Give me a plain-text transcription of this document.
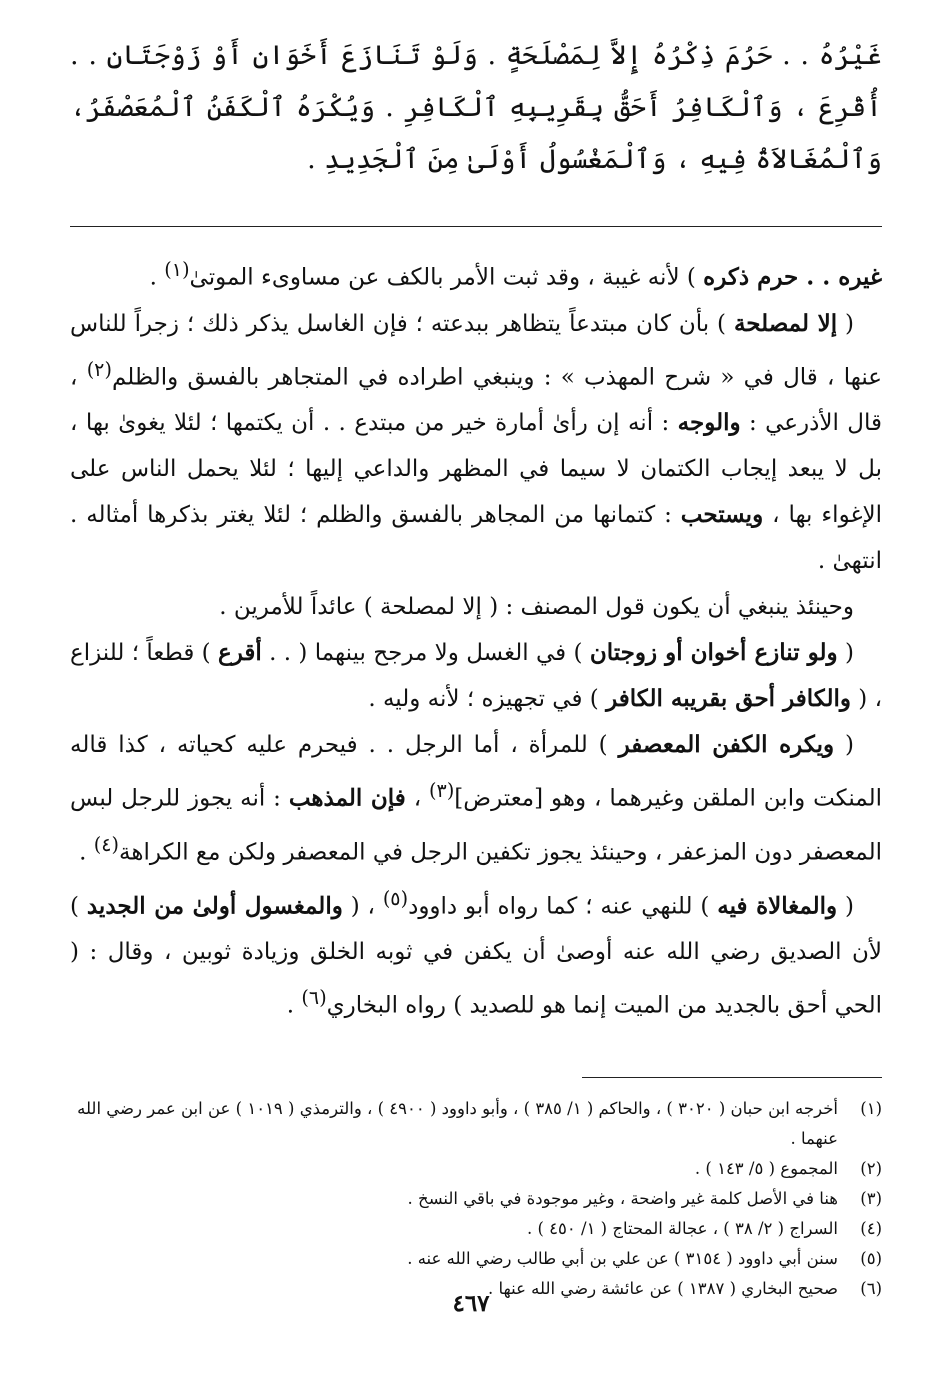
غَيْرُهُ . . حَرُمَ ذِكْرُهُ إِلاَّ لِمَصْلَحَةٍ . وَلَوْ تَنَازَعَ أَخَوَانِ أَوْ زَوْجَتَانِ . . أُقْرِعَ ، وَٱلْكَافِرُ أَحَقُّ بِقَرِيبِهِ ٱلْكَافِرِ . وَيُكْرَهُ ٱلْكَفَنُ ٱلْمُعَصْفَرُ، وَٱلْمُغَالاَةُ فِيهِ ، وَٱلْمَغْسُولُ أَوْلَىٰ مِنَ ٱلْجَدِيدِ .

غيره . . حرم ذكره ) لأنه غيبة ، وقد ثبت الأمر بالكف عن مساوىء الموتىٰ$^{(١)}$ .

( إلا لمصلحة ) بأن كان مبتدعاً يتظاهر ببدعته ؛ فإن الغاسل يذكر ذلك ؛ زجراً للناس عنها ، قال في « شرح المهذب » : وينبغي اطراده في المتجاهر بالفسق والظلم$^{(٢)}$ ، قال الأذرعي : والوجه : أنه إن رأىٰ أمارة خير من مبتدع . . أن يكتمها ؛ لئلا يغوىٰ بها ، بل لا يبعد إيجاب الكتمان لا سيما في المظهر والداعي إليها ؛ لئلا يحمل الناس على الإغواء بها ، ويستحب : كتمانها من المجاهر بالفسق والظلم ؛ لئلا يغتر بذكرها أمثاله . انتهىٰ .

وحينئذ ينبغي أن يكون قول المصنف : ( إلا لمصلحة ) عائداً للأمرين .

( ولو تنازع أخوان أو زوجتان ) في الغسل ولا مرجح بينهما ( . . أقرع ) قطعاً ؛ للنزاع ، ( والكافر أحق بقريبه الكافر ) في تجهيزه ؛ لأنه وليه .

( ويكره الكفن المعصفر ) للمرأة ، أما الرجل . . فيحرم عليه كحياته ، كذا قاله المنكت وابن الملقن وغيرهما ، وهو [معترض]$^{(٣)}$ ، فإن المذهب : أنه يجوز للرجل لبس المعصفر دون المزعفر ، وحينئذ يجوز تكفين الرجل في المعصفر ولكن مع الكراهة$^{(٤)}$ .

( والمغالاة فيه ) للنهي عنه ؛ كما رواه أبو داوود$^{(٥)}$ ، ( والمغسول أولىٰ من الجديد ) لأن الصديق رضي الله عنه أوصىٰ أن يكفن في ثوبه الخلق وزيادة ثوبين ، وقال : ( الحي أحق بالجديد من الميت إنما هو للصديد ) رواه البخاري$^{(٦)}$ .

(١)
أخرجه ابن حبان ( ٣٠٢٠ ) ، والحاكم ( ١/ ٣٨٥ ) ، وأبو داوود ( ٤٩٠٠ ) ، والترمذي ( ١٠١٩ ) عن ابن عمر رضي الله عنهما .
(٢)
المجموع ( ٥/ ١٤٣ ) .
(٣)
هنا في الأصل كلمة غير واضحة ، وغير موجودة في باقي النسخ .
(٤)
السراج ( ٢/ ٣٨ ) ، عجالة المحتاج ( ١/ ٤٥٠ ) .
(٥)
سنن أبي داوود ( ٣١٥٤ ) عن علي بن أبي طالب رضي الله عنه .
(٦)
صحيح البخاري ( ١٣٨٧ ) عن عائشة رضي الله عنها .
٤٦٧
